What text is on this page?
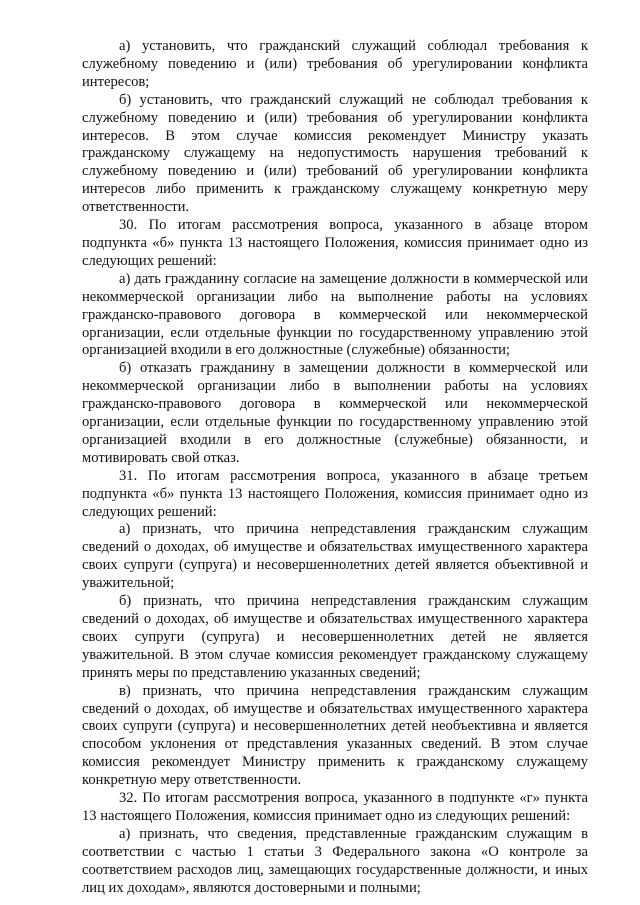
а) установить, что гражданский служащий соблюдал требования к служебному поведению и (или) требования об урегулировании конфликта интересов;

б) установить, что гражданский служащий не соблюдал требования к служебному поведению и (или) требования об урегулировании конфликта интересов. В этом случае комиссия рекомендует Министру указать гражданскому служащему на недопустимость нарушения требований к служебному поведению и (или) требований об урегулировании конфликта интересов либо применить к гражданскому служащему конкретную меру ответственности.

30. По итогам рассмотрения вопроса, указанного в абзаце втором подпункта «б» пункта 13 настоящего Положения, комиссия принимает одно из следующих решений:

а) дать гражданину согласие на замещение должности в коммерческой или некоммерческой организации либо на выполнение работы на условиях гражданско-правового договора в коммерческой или некоммерческой организации, если отдельные функции по государственному управлению этой организацией входили в его должностные (служебные) обязанности;

б) отказать гражданину в замещении должности в коммерческой или некоммерческой организации либо в выполнении работы на условиях гражданско-правового договора в коммерческой или некоммерческой организации, если отдельные функции по государственному управлению этой организацией входили в его должностные (служебные) обязанности, и мотивировать свой отказ.

31. По итогам рассмотрения вопроса, указанного в абзаце третьем подпункта «б» пункта 13 настоящего Положения, комиссия принимает одно из следующих решений:

а) признать, что причина непредставления гражданским служащим сведений о доходах, об имуществе и обязательствах имущественного характера своих супруги (супруга) и несовершеннолетних детей является объективной и уважительной;

б) признать, что причина непредставления гражданским служащим сведений о доходах, об имуществе и обязательствах имущественного характера своих супруги (супруга) и несовершеннолетних детей не является уважительной. В этом случае комиссия рекомендует гражданскому служащему принять меры по представлению указанных сведений;

в) признать, что причина непредставления гражданским служащим сведений о доходах, об имуществе и обязательствах имущественного характера своих супруги (супруга) и несовершеннолетних детей необъективна и является способом уклонения от представления указанных сведений. В этом случае комиссия рекомендует Министру применить к гражданскому служащему конкретную меру ответственности.

32. По итогам рассмотрения вопроса, указанного в подпункте «г» пункта 13 настоящего Положения, комиссия принимает одно из следующих решений:

а) признать, что сведения, представленные гражданским служащим в соответствии с частью 1 статьи 3 Федерального закона «О контроле за соответствием расходов лиц, замещающих государственные должности, и иных лиц их доходам», являются достоверными и полными;
